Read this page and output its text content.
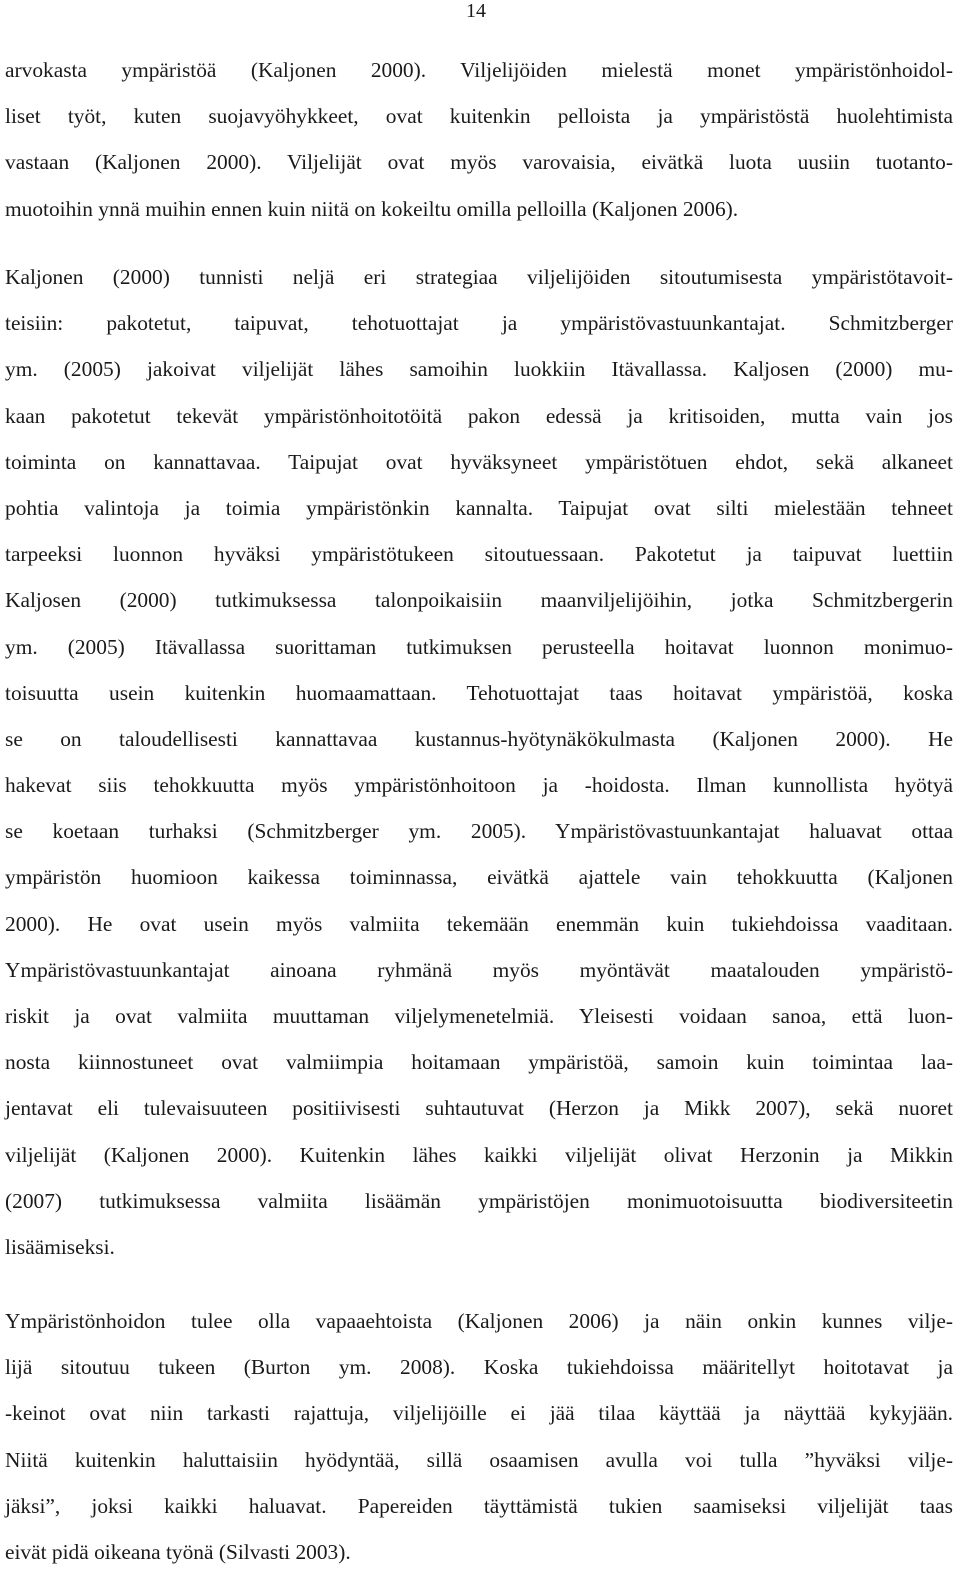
14
arvokasta ympäristöä (Kaljonen 2000). Viljelijöiden mielestä monet ympäristönhoidol-
liset työt, kuten suojavyöhykkeet, ovat kuitenkin pelloista ja ympäristöstä huolehtimista
vastaan (Kaljonen 2000). Viljelijät ovat myös varovaisia, eivätkä luota uusiin tuotanto-
muotoihin ynnä muihin ennen kuin niitä on kokeiltu omilla pelloilla (Kaljonen 2006).
Kaljonen (2000) tunnisti neljä eri strategiaa viljelijöiden sitoutumisesta ympäristötavoit-
teisiin: pakotetut, taipuvat, tehotuottajat ja ympäristövastuunkantajat. Schmitzberger
ym. (2005) jakoivat viljelijät lähes samoihin luokkiin Itävallassa. Kaljosen (2000) mu-
kaan pakotetut tekevät ympäristönhoitotöitä pakon edessä ja kritisoiden, mutta vain jos
toiminta on kannattavaa. Taipujat ovat hyväksyneet ympäristötuen ehdot, sekä alkaneet
pohtia valintoja ja toimia ympäristönkin kannalta. Taipujat ovat silti mielestään tehneet
tarpeeksi luonnon hyväksi ympäristötukeen sitoutuessaan. Pakotetut ja taipuvat luettiin
Kaljosen (2000) tutkimuksessa talonpoikaisiin maanviljelijöihin, jotka Schmitzbergerin
ym. (2005) Itävallassa suorittaman tutkimuksen perusteella hoitavat luonnon monimuo-
toisuutta usein kuitenkin huomaamattaan. Tehotuottajat taas hoitavat ympäristöä, koska
se on taloudellisesti kannattavaa kustannus-hyötynäkökulmasta (Kaljonen 2000). He
hakevat siis tehokkuutta myös ympäristönhoitoon ja -hoidosta. Ilman kunnollista hyötyä
se koetaan turhaksi (Schmitzberger ym. 2005). Ympäristövastuunkantajat haluavat ottaa
ympäristön huomioon kaikessa toiminnassa, eivätkä ajattele vain tehokkuutta (Kaljonen
2000). He ovat usein myös valmiita tekemään enemmän kuin tukiehdoissa vaaditaan.
Ympäristövastuunkantajat ainoana ryhmänä myös myöntävät maatalouden ympäristö-
riskit ja ovat valmiita muuttaman viljelymenetelmiä. Yleisesti voidaan sanoa, että luon-
nosta kiinnostuneet ovat valmiimpia hoitamaan ympäristöä, samoin kuin toimintaa laa-
jentavat eli tulevaisuuteen positiivisesti suhtautuvat (Herzon ja Mikk 2007), sekä nuoret
viljelijät (Kaljonen 2000). Kuitenkin lähes kaikki viljelijät olivat Herzonin ja Mikkin
(2007) tutkimuksessa valmiita lisäämän ympäristöjen monimuotoisuutta biodiversiteetin
lisäämiseksi.
Ympäristönhoidon tulee olla vapaaehtoista (Kaljonen 2006) ja näin onkin kunnes vilje-
lijä sitoutuu tukeen (Burton ym. 2008). Koska tukiehdoissa määritellyt hoitotavat ja
-keinot ovat niin tarkasti rajattuja, viljelijöille ei jää tilaa käyttää ja näyttää kykyjään.
Niitä kuitenkin haluttaisiin hyödyntää, sillä osaamisen avulla voi tulla ”hyväksi vilje-
jäksi”, joksi kaikki haluavat. Papereiden täyttämistä tukien saamiseksi viljelijät taas
eivät pidä oikeana työnä (Silvasti 2003).
